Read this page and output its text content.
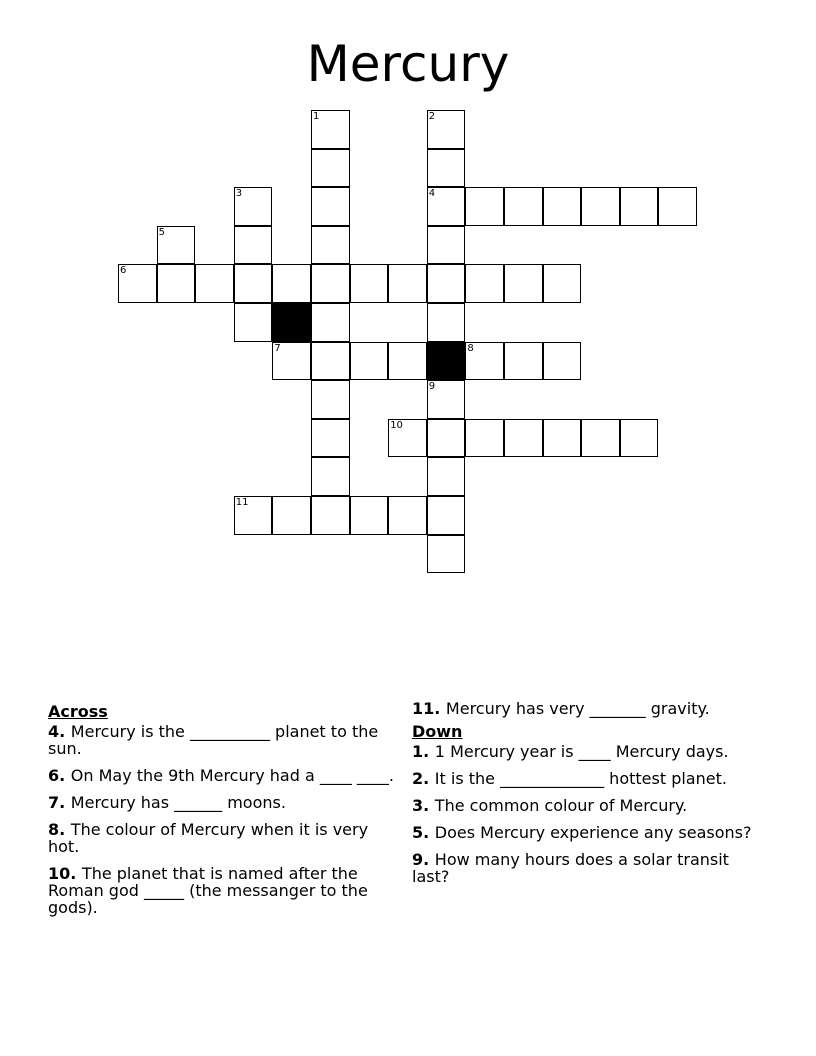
Mercury
1	2
3	4
5
6
7	8
9
10
11
Across
4. Mercury is the __________ planet to the sun.
6. On May the 9th Mercury had a ____ ____.
7. Mercury has ______ moons.
8. The colour of Mercury when it is very hot.
10. The planet that is named after the Roman god _____ (the messanger to the gods).
11. Mercury has very _______ gravity.
Down
1. 1 Mercury year is ____ Mercury days.
2. It is the _____________ hottest planet.
3. The common colour of Mercury.
5. Does Mercury experience any seasons?
9. How many hours does a solar transit last?
